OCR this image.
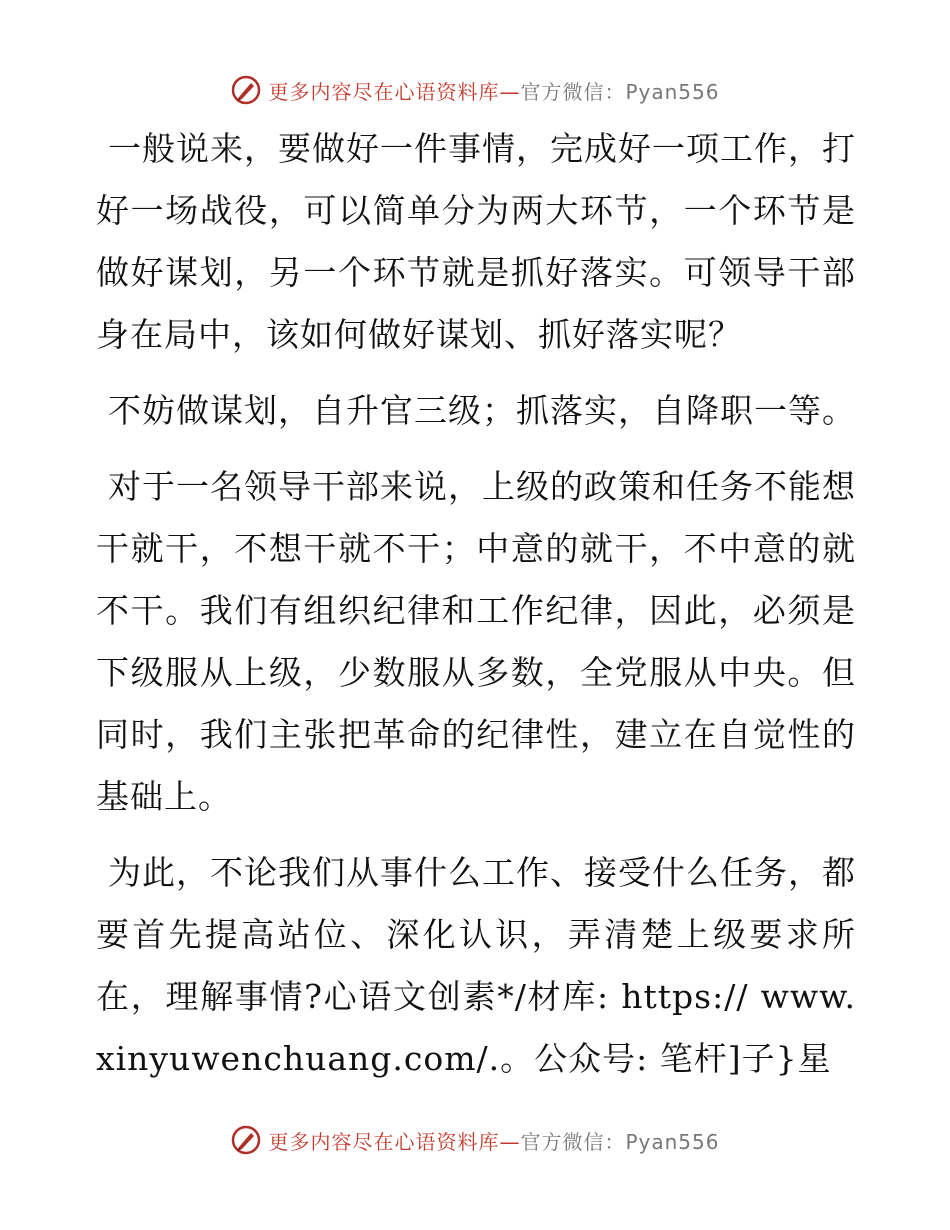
更多内容尽在心语资料库— 官方微信：Pyan556

一般说来，要做好一件事情，完成好一项工作，打好一场战役，可以简单分为两大环节，一个环节是做好谋划，另一个环节就是抓好落实。可领导干部身在局中，该如何做好谋划、抓好落实呢？

不妨做谋划，自升官三级；抓落实，自降职一等。

对于一名领导干部来说，上级的政策和任务不能想干就干，不想干就不干；中意的就干，不中意的就不干。我们有组织纪律和工作纪律，因此，必须是下级服从上级，少数服从多数，全党服从中央。但同时，我们主张把革命的纪律性，建立在自觉性的基础上。

为此，不论我们从事什么工作、接受什么任务，都要首先提高站位、深化认识，弄清楚上级要求所在，理解事情?心语文创素*/材库: https:// www.xinyuwenchuang.com/.。公众号: 笔杆]子}星

更多内容尽在心语资料库— 官方微信：Pyan556
